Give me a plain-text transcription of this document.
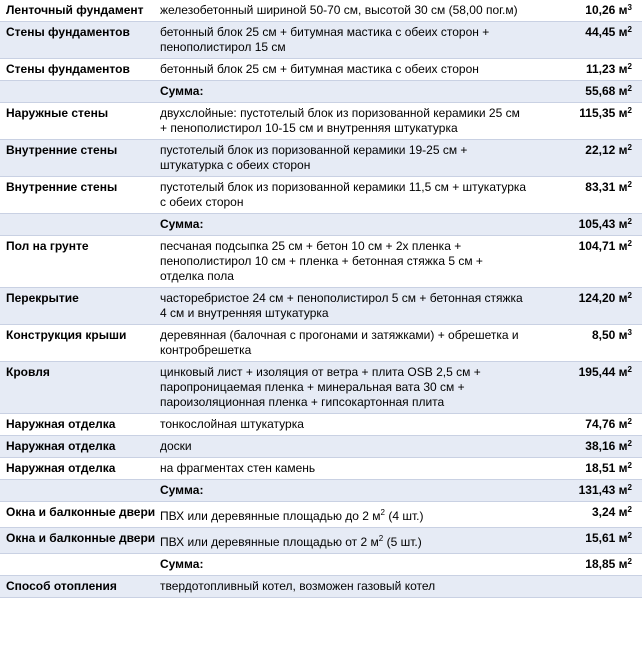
Ленточный фундамент	железобетонный шириной 50-70 см, высотой 30 см (58,00 пог.м)	10,26 $м^3$
Стены фундаментов	бетонный блок 25 см + битумная мастика с обеих сторон + пенополистирол 15 см	44,45 $м^2$
Стены фундаментов	бетонный блок 25 см + битумная мастика с обеих сторон	11,23 $м^2$
	Сумма:	55,68 $м^2$
Наружные стены	двухслойные: пустотелый блок из поризованной керамики 25 см + пенополистирол 10-15 см и внутренняя штукатурка	115,35 $м^2$
Внутренние стены	пустотелый блок из поризованной керамики 19-25 см + штукатурка с обеих сторон	22,12 $м^2$
Внутренние стены	пустотелый блок из поризованной керамики 11,5 см + штукатурка с обеих сторон	83,31 $м^2$
	Сумма:	105,43 $м^2$
Пол на грунте	песчаная подсыпка 25 см + бетон 10 см + 2х пленка + пенополистирол 10 см + пленка + бетонная стяжка 5 см + отделка пола	104,71 $м^2$
Перекрытие	часторебристое 24 см + пенополистирол 5 см + бетонная стяжка 4 см и внутренняя штукатурка	124,20 $м^2$
Конструкция крыши	деревянная (балочная с прогонами и затяжками) + обрешетка и контробрешетка	8,50 $м^3$
Кровля	цинковый лист + изоляция от ветра + плита OSB 2,5 см + паропроницаемая пленка + минеральная вата 30 см + пароизоляционная пленка + гипсокартонная плита	195,44 $м^2$
Наружная отделка	тонкослойная штукатурка	74,76 $м^2$
Наружная отделка	доски	38,16 $м^2$
Наружная отделка	на фрагментах стен камень	18,51 $м^2$
	Сумма:	131,43 $м^2$
Окна и балконные двери	ПВХ или деревянные площадью до 2 $м^2$ (4 шт.)	3,24 $м^2$
Окна и балконные двери	ПВХ или деревянные площадью от 2 $м^2$ (5 шт.)	15,61 $м^2$
	Сумма:	18,85 $м^2$
Способ отопления	твердотопливный котел, возможен газовый котел	
